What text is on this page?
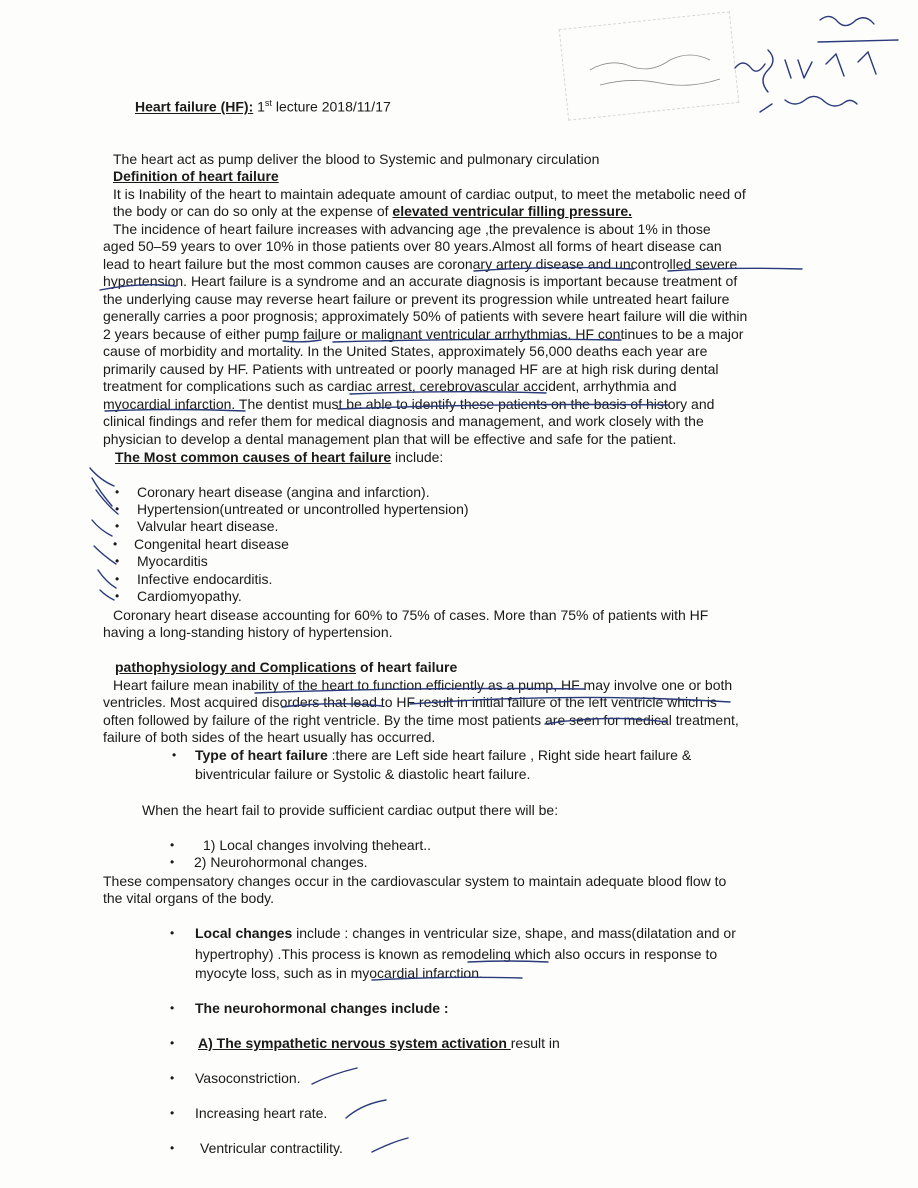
Heart failure (HF): 1st lecture 2018/11/17
The heart act as pump deliver the blood to Systemic and pulmonary circulation
Definition of heart failure
It is Inability of the heart to maintain adequate amount of cardiac output, to meet the metabolic need of
the body or can do so only at the expense of elevated ventricular filling pressure.
The incidence of heart failure increases with advancing age ,the prevalence is about 1% in those
aged 50–59 years to over 10% in those patients over 80 years.Almost all forms of heart disease can
lead to heart failure but the most common causes are coronary artery disease and uncontrolled severe
hypertension. Heart failure is a syndrome and an accurate diagnosis is important because treatment of
the underlying cause may reverse heart failure or prevent its progression while untreated heart failure
generally carries a poor prognosis; approximately 50% of patients with severe heart failure will die within
2 years because of either pump failure or malignant ventricular arrhythmias. HF continues to be a major
cause of morbidity and mortality. In the United States, approximately 56,000 deaths each year are
primarily caused by HF. Patients with untreated or poorly managed HF are at high risk during dental
treatment for complications such as cardiac arrest, cerebrovascular accident, arrhythmia and
myocardial infarction. The dentist must be able to identify these patients on the basis of history and
clinical findings and refer them for medical diagnosis and management, and work closely with the
physician to develop a dental management plan that will be effective and safe for the patient.
The Most common causes of heart failure include:
• Coronary heart disease (angina and infarction).
• Hypertension(untreated or uncontrolled hypertension)
• Valvular heart disease.
• Congenital heart disease
• Myocarditis
• Infective endocarditis.
• Cardiomyopathy.
Coronary heart disease accounting for 60% to 75% of cases. More than 75% of patients with HF
having a long-standing history of hypertension.
pathophysiology and Complications of heart failure
Heart failure mean inability of the heart to function efficiently as a pump, HF may involve one or both
ventricles. Most acquired disorders that lead to HF result in initial failure of the left ventricle which is
often followed by failure of the right ventricle. By the time most patients are seen for medical treatment,
failure of both sides of the heart usually has occurred.
• Type of heart failure :there are Left side heart failure , Right side heart failure &
biventricular failure or Systolic & diastolic heart failure.
When the heart fail to provide sufficient cardiac output there will be:
• 1) Local changes involving theheart..
• 2) Neurohormonal changes.
These compensatory changes occur in the cardiovascular system to maintain adequate blood flow to
the vital organs of the body.
• Local changes include : changes in ventricular size, shape, and mass(dilatation and or
hypertrophy) .This process is known as remodeling which also occurs in response to
myocyte loss, such as in myocardial infarction.
• The neurohormonal changes include :
• A) The sympathetic nervous system activation result in
• Vasoconstriction.
• Increasing heart rate.
• Ventricular contractility.
